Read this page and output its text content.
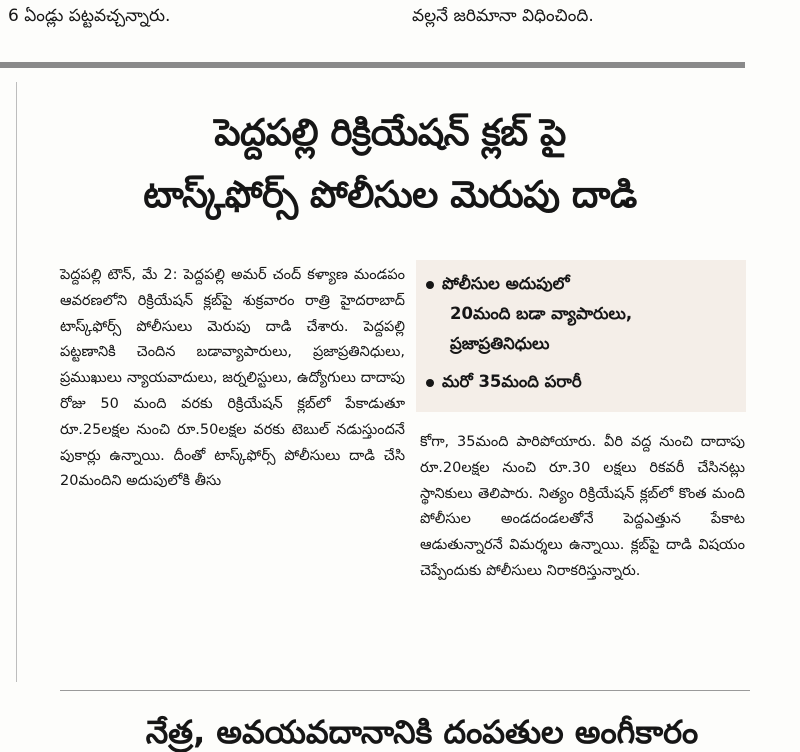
6 ఏండ్లు పట్టవచ్చన్నారు.	వల్లనే జరిమానా విధించింది.
పెద్దపల్లి రిక్రియేషన్ క్లబ్ పై
టాస్క్‌ఫోర్స్ పోలీసుల మెరుపు దాడి
పెద్దపల్లి టౌన్, మే 2: పెద్దపల్లి అమర్ చంద్ కళ్యాణ మండపం ఆవరణలోని రిక్రియేషన్ క్లబ్‌పై శుక్రవారం రాత్రి హైదరాబాద్ టాస్క్‌ఫోర్స్ పోలీసులు మెరుపు దాడి చేశారు. పెద్దపల్లి పట్టణానికి చెందిన బడావ్యాపారులు, ప్రజాప్రతినిధులు, ప్రముఖులు న్యాయవాదులు, జర్నలిస్టులు, ఉద్యోగులు దాదాపు రోజు 50 మంది వరకు రిక్రియేషన్ క్లబ్‌లో పేకాడుతూ రూ.25లక్షల నుంచి రూ.50లక్షల వరకు టెబుల్ నడుస్తుందనే పుకార్లు ఉన్నాయి. దీంతో టాస్క్‌ఫోర్స్ పోలీసులు దాడి చేసి 20మందిని అదుపులోకి తీసు
పోలీసుల అదుపులో
20మంది బడా వ్యాపారులు,
ప్రజాప్రతినిధులు
మరో 35మంది పరారీ
కోగా, 35మంది పారిపోయారు. వీరి వద్ద నుంచి దాదాపు రూ.20లక్షల నుంచి రూ.30 లక్షలు రికవరీ చేసినట్లు స్థానికులు తెలిపారు. నిత్యం రిక్రియేషన్ క్లబ్‌లో కొంత మంది పోలీసుల అండదండలతోనే పెద్దఎత్తున పేకాట ఆడుతున్నారనే విమర్శలు ఉన్నాయి. క్లబ్‌పై దాడి విషయం చెప్పేందుకు పోలీసులు నిరాకరిస్తున్నారు.
నేత్ర, అవయవదానానికి దంపతుల అంగీకారం
